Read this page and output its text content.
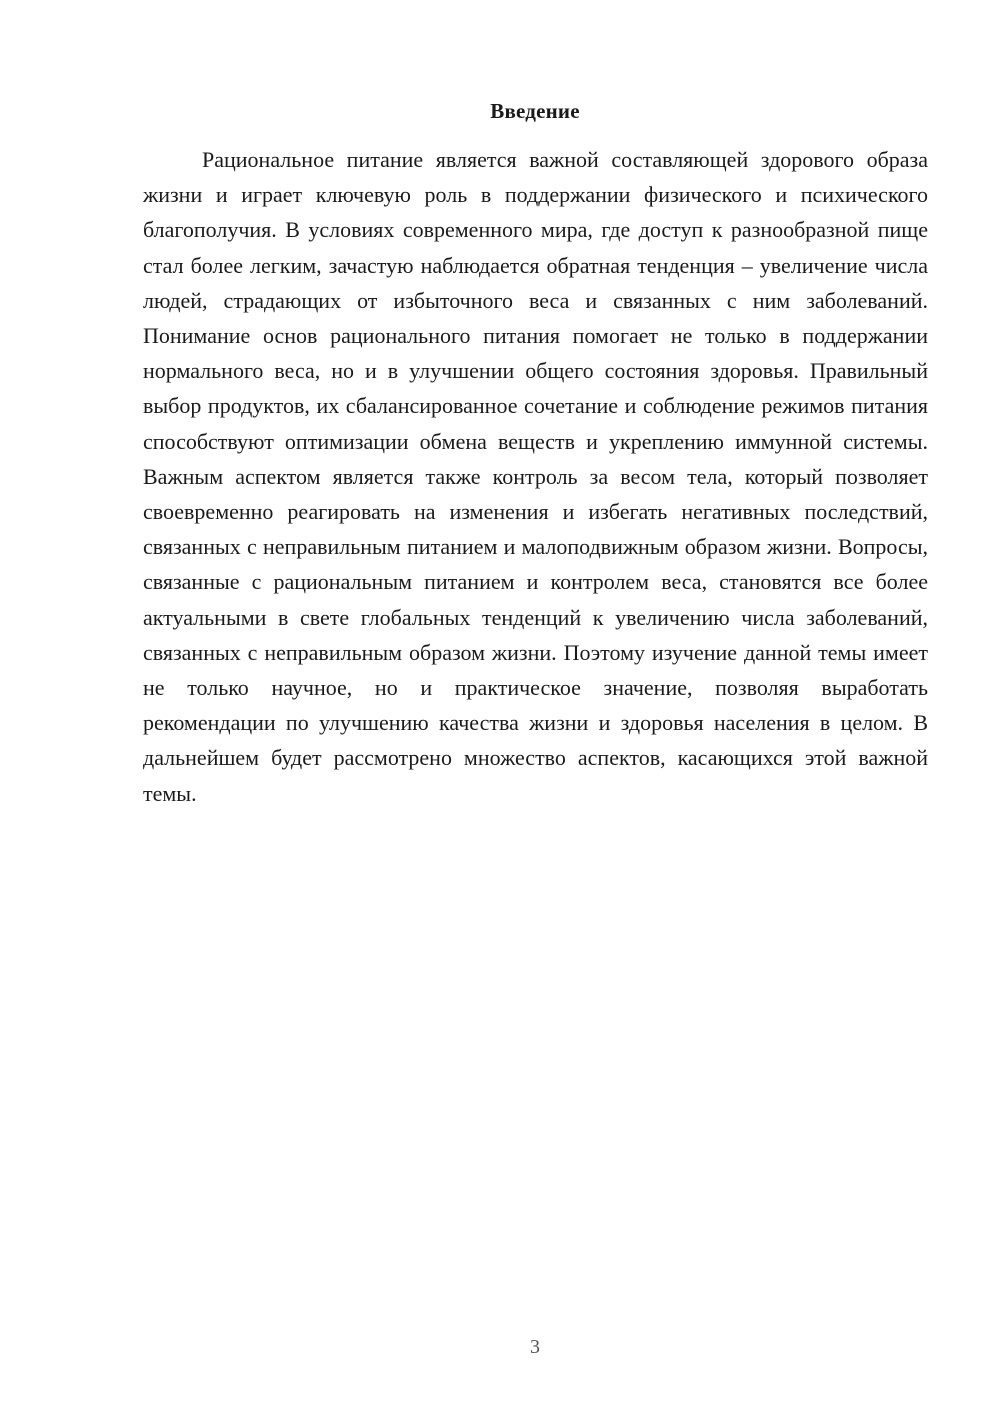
Введение

Рациональное питание является важной составляющей здорового образа жизни и играет ключевую роль в поддержании физического и психического благополучия. В условиях современного мира, где доступ к разнообразной пище стал более легким, зачастую наблюдается обратная тенденция – увеличение числа людей, страдающих от избыточного веса и связанных с ним заболеваний. Понимание основ рационального питания помогает не только в поддержании нормального веса, но и в улучшении общего состояния здоровья. Правильный выбор продуктов, их сбалансированное сочетание и соблюдение режимов питания способствуют оптимизации обмена веществ и укреплению иммунной системы. Важным аспектом является также контроль за весом тела, который позволяет своевременно реагировать на изменения и избегать негативных последствий, связанных с неправильным питанием и малоподвижным образом жизни. Вопросы, связанные с рациональным питанием и контролем веса, становятся все более актуальными в свете глобальных тенденций к увеличению числа заболеваний, связанных с неправильным образом жизни. Поэтому изучение данной темы имеет не только научное, но и практическое значение, позволяя выработать рекомендации по улучшению качества жизни и здоровья населения в целом. В дальнейшем будет рассмотрено множество аспектов, касающихся этой важной темы.

3
